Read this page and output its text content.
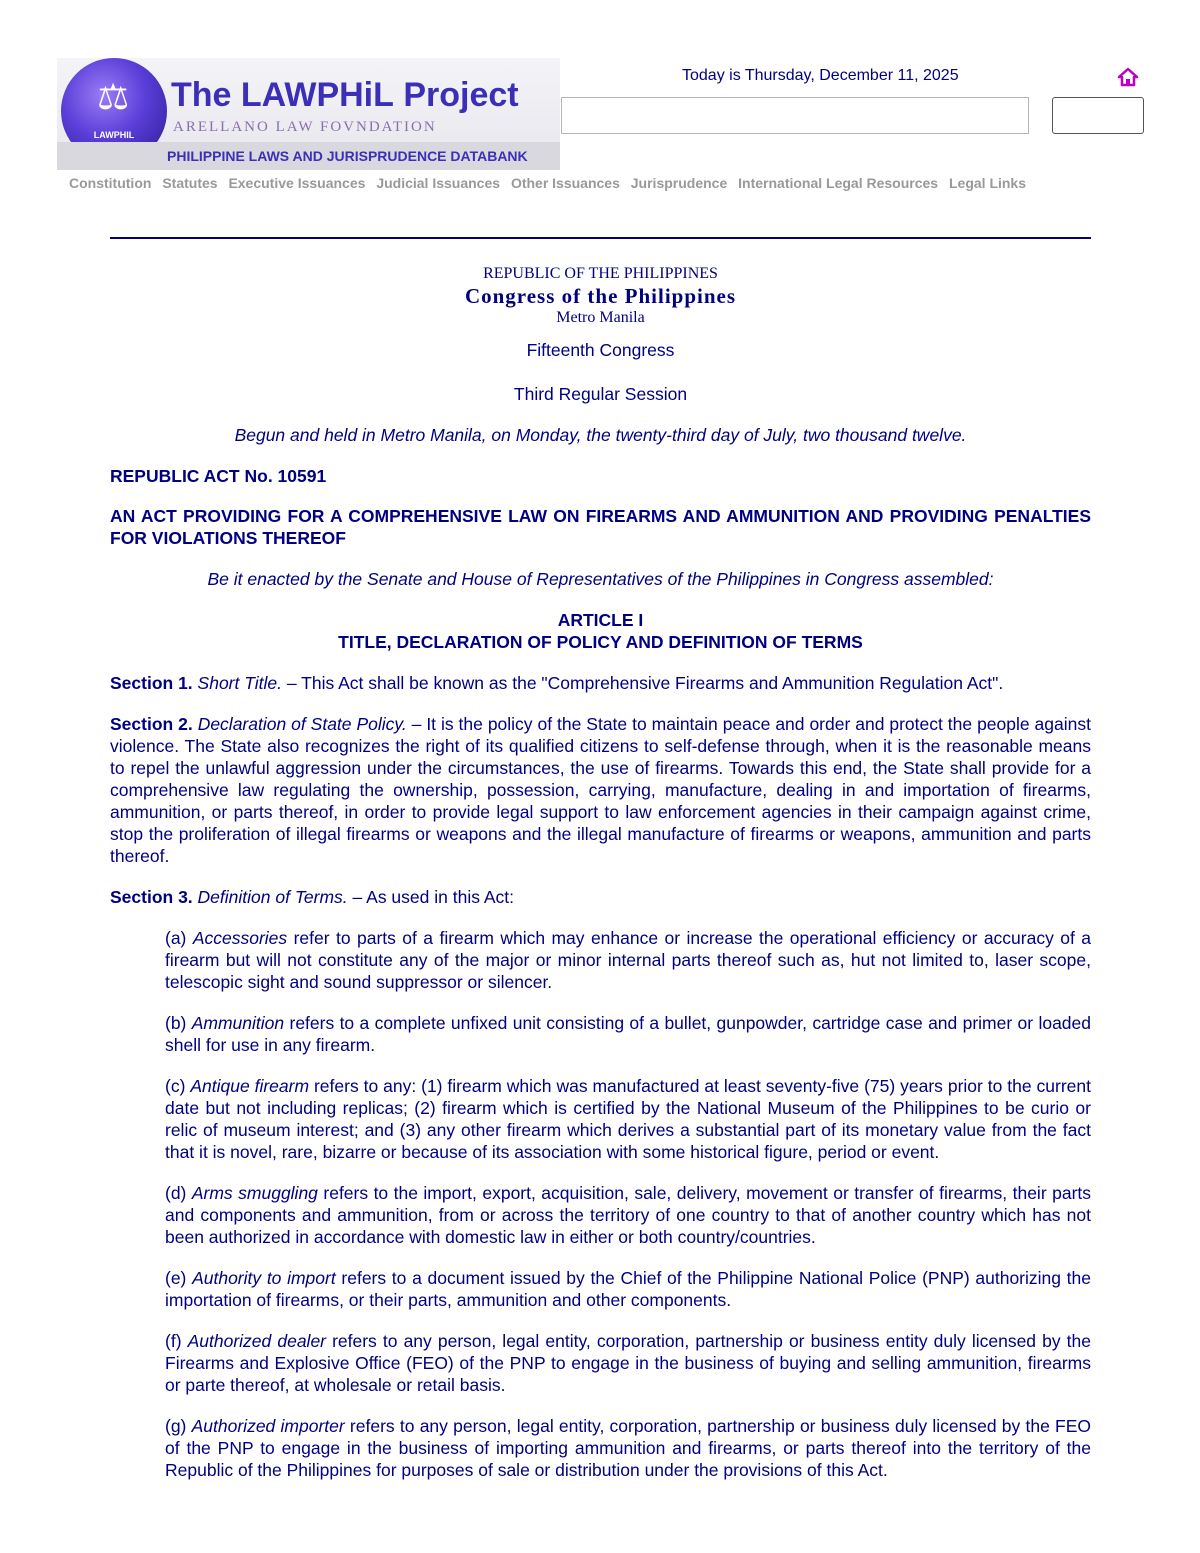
⚖
LAWPHIL
The LAWPHiL Project
ARELLANO LAW FOVNDATION
PHILIPPINE LAWS AND JURISPRUDENCE DATABANK
Today is Thursday, December 11, 2025
Constitution Statutes Executive Issuances Judicial Issuances Other Issuances Jurisprudence International Legal Resources Legal Links

REPUBLIC OF THE PHILIPPINES

Congress of the Philippines

Metro Manila

Fifteenth Congress

Third Regular Session

Begun and held in Metro Manila, on Monday, the twenty-third day of July, two thousand twelve.

REPUBLIC ACT No. 10591

AN ACT PROVIDING FOR A COMPREHENSIVE LAW ON FIREARMS AND AMMUNITION AND PROVIDING PENALTIES FOR VIOLATIONS THEREOF

Be it enacted by the Senate and House of Representatives of the Philippines in Congress assembled:

ARTICLE I

TITLE, DECLARATION OF POLICY AND DEFINITION OF TERMS

Section 1. Short Title. – This Act shall be known as the "Comprehensive Firearms and Ammunition Regulation Act".

Section 2. Declaration of State Policy. – It is the policy of the State to maintain peace and order and protect the people against violence. The State also recognizes the right of its qualified citizens to self-defense through, when it is the reasonable means to repel the unlawful aggression under the circumstances, the use of firearms. Towards this end, the State shall provide for a comprehensive law regulating the ownership, possession, carrying, manufacture, dealing in and importation of firearms, ammunition, or parts thereof, in order to provide legal support to law enforcement agencies in their campaign against crime, stop the proliferation of illegal firearms or weapons and the illegal manufacture of firearms or weapons, ammunition and parts thereof.

Section 3. Definition of Terms. – As used in this Act:

(a) Accessories refer to parts of a firearm which may enhance or increase the operational efficiency or accuracy of a firearm but will not constitute any of the major or minor internal parts thereof such as, hut not limited to, laser scope, telescopic sight and sound suppressor or silencer.

(b) Ammunition refers to a complete unfixed unit consisting of a bullet, gunpowder, cartridge case and primer or loaded shell for use in any firearm.

(c) Antique firearm refers to any: (1) firearm which was manufactured at least seventy-five (75) years prior to the current date but not including replicas; (2) firearm which is certified by the National Museum of the Philippines to be curio or relic of museum interest; and (3) any other firearm which derives a substantial part of its monetary value from the fact that it is novel, rare, bizarre or because of its association with some historical figure, period or event.

(d) Arms smuggling refers to the import, export, acquisition, sale, delivery, movement or transfer of firearms, their parts and components and ammunition, from or across the territory of one country to that of another country which has not been authorized in accordance with domestic law in either or both country/countries.

(e) Authority to import refers to a document issued by the Chief of the Philippine National Police (PNP) authorizing the importation of firearms, or their parts, ammunition and other components.

(f) Authorized dealer refers to any person, legal entity, corporation, partnership or business entity duly licensed by the Firearms and Explosive Office (FEO) of the PNP to engage in the business of buying and selling ammunition, firearms or parte thereof, at wholesale or retail basis.

(g) Authorized importer refers to any person, legal entity, corporation, partnership or business duly licensed by the FEO of the PNP to engage in the business of importing ammunition and firearms, or parts thereof into the territory of the Republic of the Philippines for purposes of sale or distribution under the provisions of this Act.
